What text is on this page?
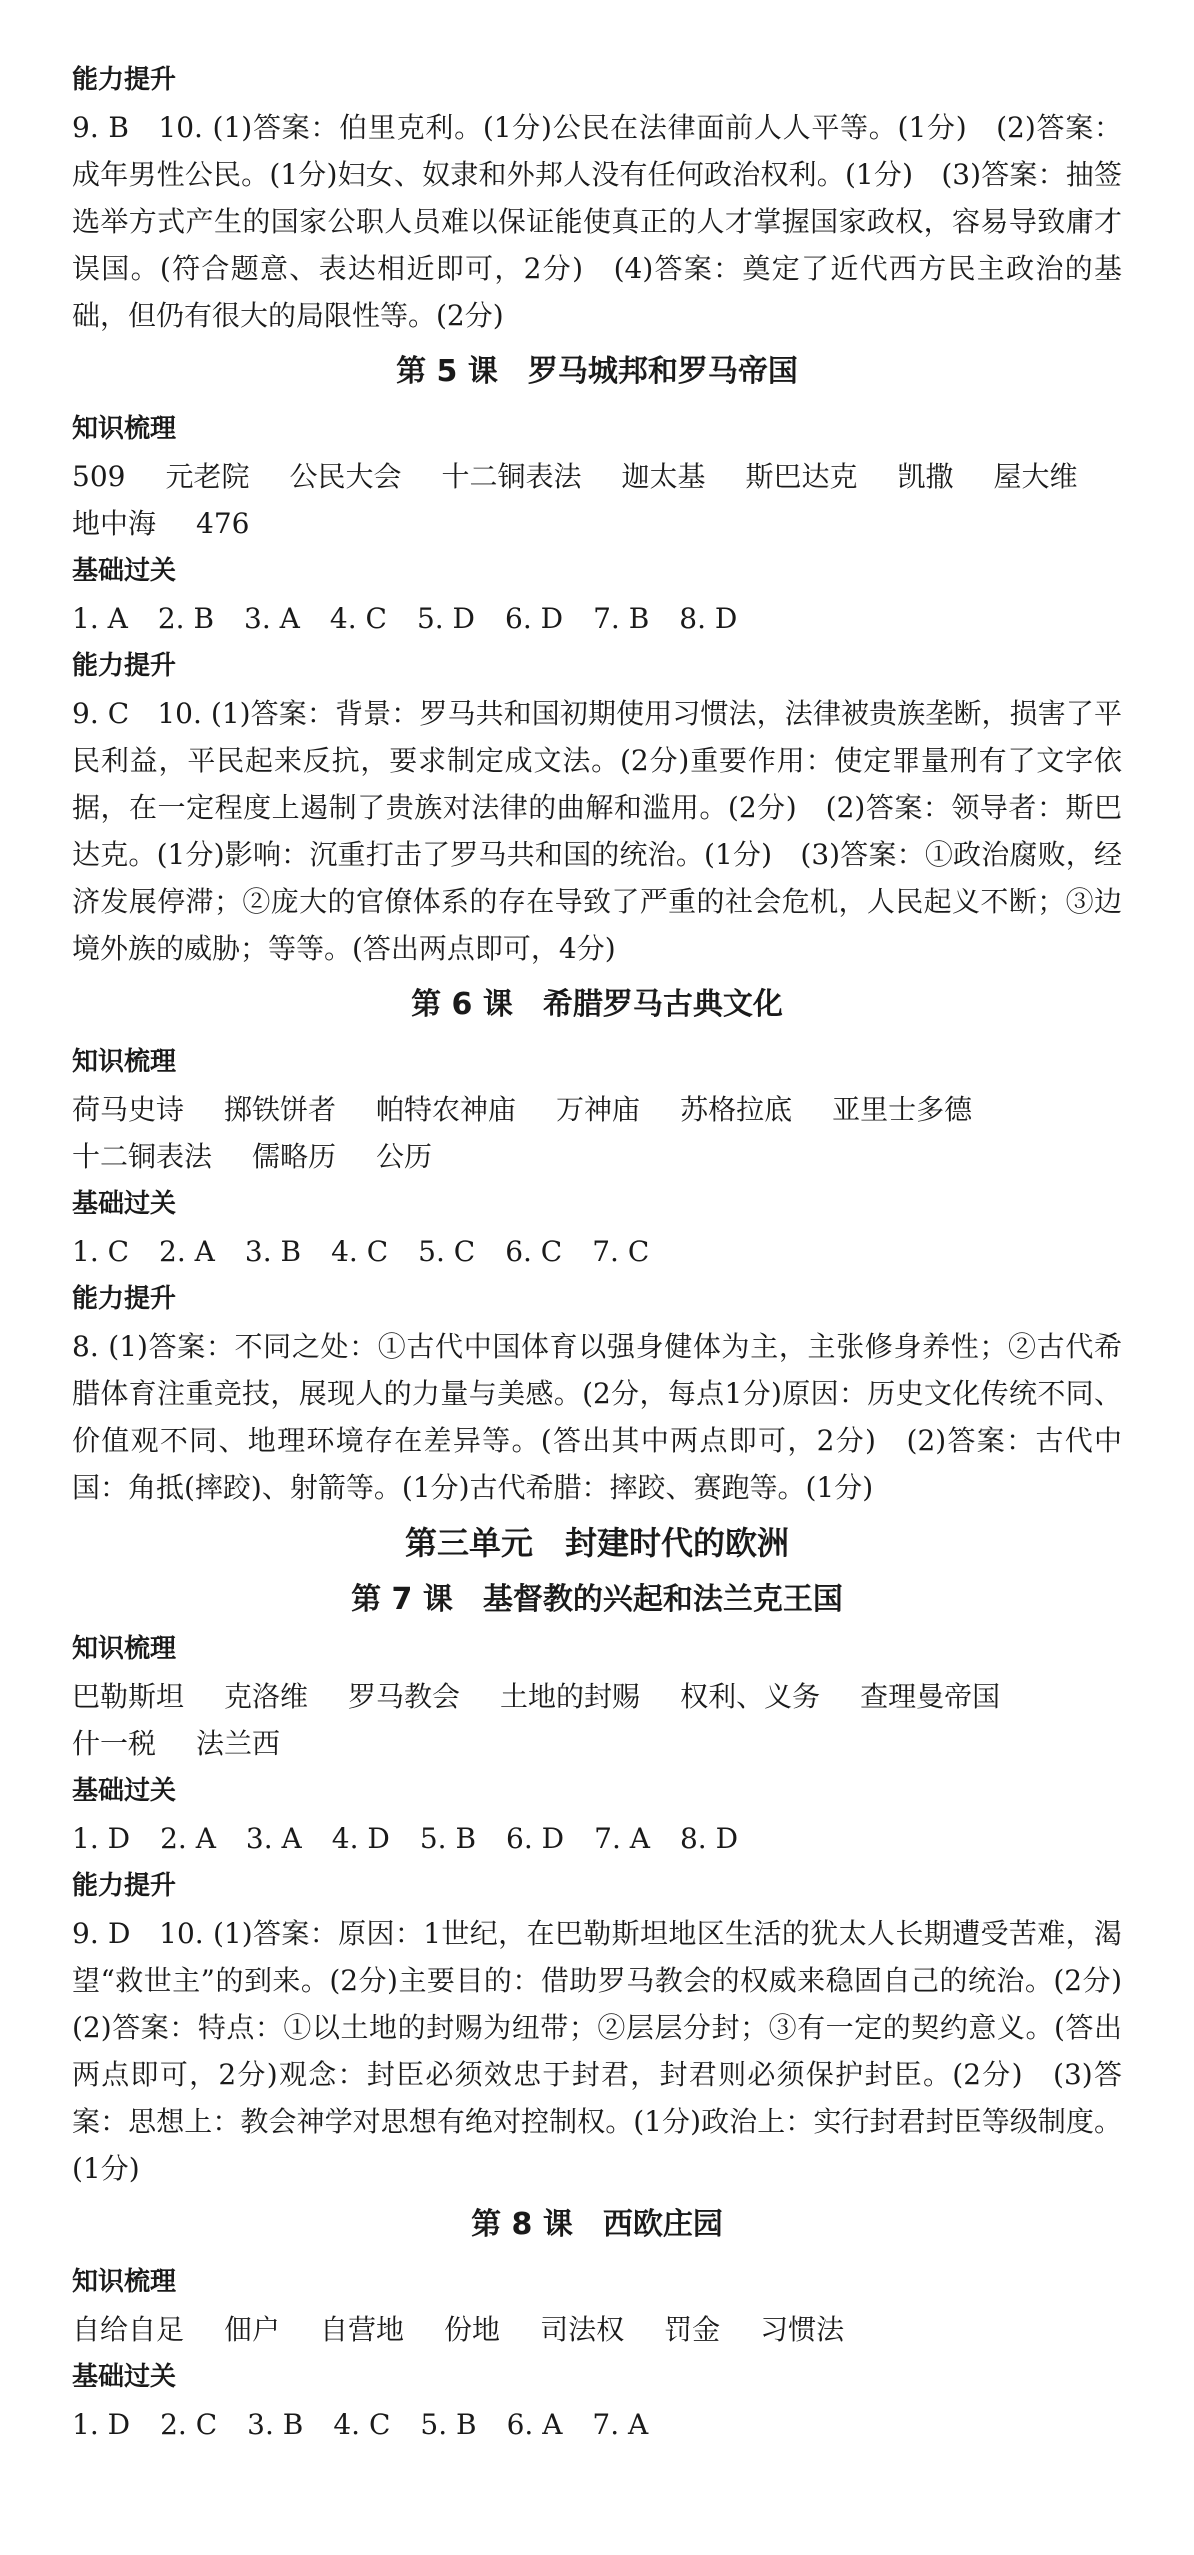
能力提升

9. B　10. (1)答案：伯里克利。(1分)公民在法律面前人人平等。(1分)　(2)答案：成年男性公民。(1分)妇女、奴隶和外邦人没有任何政治权利。(1分)　(3)答案：抽签选举方式产生的国家公职人员难以保证能使真正的人才掌握国家政权，容易导致庸才误国。(符合题意、表达相近即可，2分)　(4)答案：奠定了近代西方民主政治的基础，但仍有很大的局限性等。(2分)

第 5 课　罗马城邦和罗马帝国

知识梳理

509 元老院 公民大会 十二铜表法 迦太基 斯巴达克 凯撒 屋大维
地中海 476

基础过关

1. A 2. B 3. A 4. C 5. D 6. D 7. B 8. D

能力提升

9. C　10. (1)答案：背景：罗马共和国初期使用习惯法，法律被贵族垄断，损害了平民利益，平民起来反抗，要求制定成文法。(2分)重要作用：使定罪量刑有了文字依据，在一定程度上遏制了贵族对法律的曲解和滥用。(2分)　(2)答案：领导者：斯巴达克。(1分)影响：沉重打击了罗马共和国的统治。(1分)　(3)答案：①政治腐败，经济发展停滞；②庞大的官僚体系的存在导致了严重的社会危机，人民起义不断；③边境外族的威胁；等等。(答出两点即可，4分)

第 6 课　希腊罗马古典文化

知识梳理

荷马史诗 掷铁饼者 帕特农神庙 万神庙 苏格拉底 亚里士多德
十二铜表法 儒略历 公历

基础过关

1. C 2. A 3. B 4. C 5. C 6. C 7. C

能力提升

8. (1)答案：不同之处：①古代中国体育以强身健体为主，主张修身养性；②古代希腊体育注重竞技，展现人的力量与美感。(2分，每点1分)原因：历史文化传统不同、价值观不同、地理环境存在差异等。(答出其中两点即可，2分)　(2)答案：古代中国：角抵(摔跤)、射箭等。(1分)古代希腊：摔跤、赛跑等。(1分)

第三单元　封建时代的欧洲
第 7 课　基督教的兴起和法兰克王国

知识梳理

巴勒斯坦 克洛维 罗马教会 土地的封赐 权利、义务 查理曼帝国
什一税 法兰西

基础过关

1. D 2. A 3. A 4. D 5. B 6. D 7. A 8. D

能力提升

9. D　10. (1)答案：原因：1世纪，在巴勒斯坦地区生活的犹太人长期遭受苦难，渴望“救世主”的到来。(2分)主要目的：借助罗马教会的权威来稳固自己的统治。(2分)　(2)答案：特点：①以土地的封赐为纽带；②层层分封；③有一定的契约意义。(答出两点即可，2分)观念：封臣必须效忠于封君，封君则必须保护封臣。(2分)　(3)答案：思想上：教会神学对思想有绝对控制权。(1分)政治上：实行封君封臣等级制度。(1分)

第 8 课　西欧庄园

知识梳理

自给自足 佃户 自营地 份地 司法权 罚金 习惯法

基础过关

1. D 2. C 3. B 4. C 5. B 6. A 7. A
